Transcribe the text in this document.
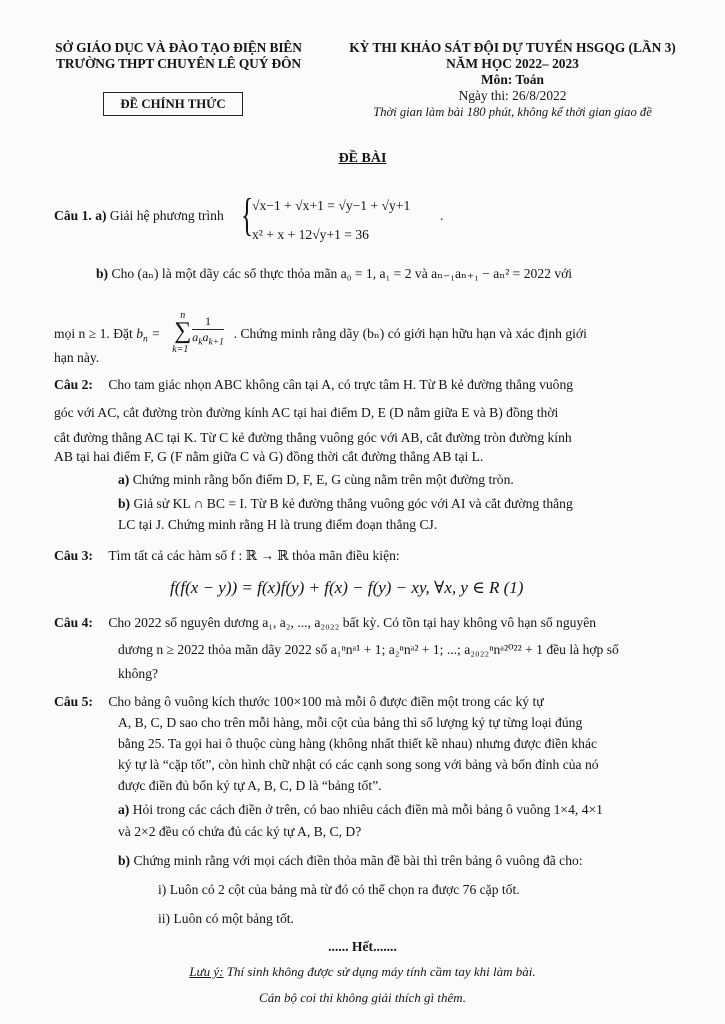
SỞ GIÁO DỤC VÀ ĐÀO TẠO ĐIỆN BIÊN
TRƯỜNG THPT CHUYÊN LÊ QUÝ ĐÔN
ĐỀ CHÍNH THỨC
KỲ THI KHẢO SÁT ĐỘI DỰ TUYỂN HSGQG (LẦN 3)
NĂM HỌC 2022– 2023
Môn: Toán
Ngày thi: 26/8/2022
Thời gian làm bài 180 phút, không kể thời gian giao đề
ĐỀ BÀI
Câu 1. a) Giải hệ phương trình {
√x−1 + √x+1 = √y−1 + √y+1
.
x² + x + 12√y+1 = 36
b) Cho (aₙ) là một dãy các số thực thỏa mãn a₀ = 1, a₁ = 2 và aₙ₋₁aₙ₊₁ − aₙ² = 2022 với
mọi n ≥ 1. Đặt $b_n$ =
n
∑
k=1
1
$a_ka_{k+1}$
. Chứng minh rằng dãy (bₙ) có giới hạn hữu hạn và xác định giới
hạn này.
Câu 2: Cho tam giác nhọn ABC không cân tại A, có trực tâm H. Từ B kẻ đường thẳng vuông
góc với AC, cắt đường tròn đường kính AC tại hai điểm D, E (D nằm giữa E và B) đồng thời
cắt đường thẳng AC tại K. Từ C kẻ đường thẳng vuông góc với AB, cắt đường tròn đường kính
AB tại hai điểm F, G (F nằm giữa C và G) đồng thời cắt đường thẳng AB tại L.
a) Chứng minh rằng bốn điểm D, F, E, G cùng nằm trên một đường tròn.
b) Giả sử KL ∩ BC = I. Từ B kẻ đường thẳng vuông góc với AI và cắt đường thẳng
LC tại J. Chứng minh rằng H là trung điểm đoạn thẳng CJ.
Câu 3: Tìm tất cả các hàm số f : ℝ → ℝ thỏa mãn điều kiện:
f(f(x − y)) = f(x)f(y) + f(x) − f(y) − xy, ∀x, y ∈ R (1)
Câu 4: Cho 2022 số nguyên dương a₁, a₂, ..., a₂₀₂₂ bất kỳ. Có tồn tại hay không vô hạn số nguyên
dương n ≥ 2022 thỏa mãn dãy 2022 số a₁ⁿnᵃ¹ + 1; a₂ⁿnᵃ² + 1; ...; a₂₀₂₂ⁿnᵃ²⁰²² + 1 đều là hợp số
không?
Câu 5: Cho bảng ô vuông kích thước 100×100 mà mỗi ô được điền một trong các ký tự
A, B, C, D sao cho trên mỗi hàng, mỗi cột của bảng thì số lượng ký tự từng loại đúng
bằng 25. Ta gọi hai ô thuộc cùng hàng (không nhất thiết kề nhau) nhưng được điền khác
ký tự là “cặp tốt”, còn hình chữ nhật có các cạnh song song với bảng và bốn đỉnh của nó
được điền đủ bốn ký tự A, B, C, D là “bảng tốt”.
a) Hỏi trong các cách điền ở trên, có bao nhiêu cách điền mà mỗi bảng ô vuông 1×4, 4×1
và 2×2 đều có chứa đủ các ký tự A, B, C, D?
b) Chứng minh rằng với mọi cách điền thỏa mãn đề bài thì trên bảng ô vuông đã cho:
i) Luôn có 2 cột của bảng mà từ đó có thể chọn ra được 76 cặp tốt.
ii) Luôn có một bảng tốt.
...... Hết.......
Lưu ý: Thí sinh không được sử dụng máy tính cầm tay khi làm bài.
Cán bộ coi thi không giải thích gì thêm.
